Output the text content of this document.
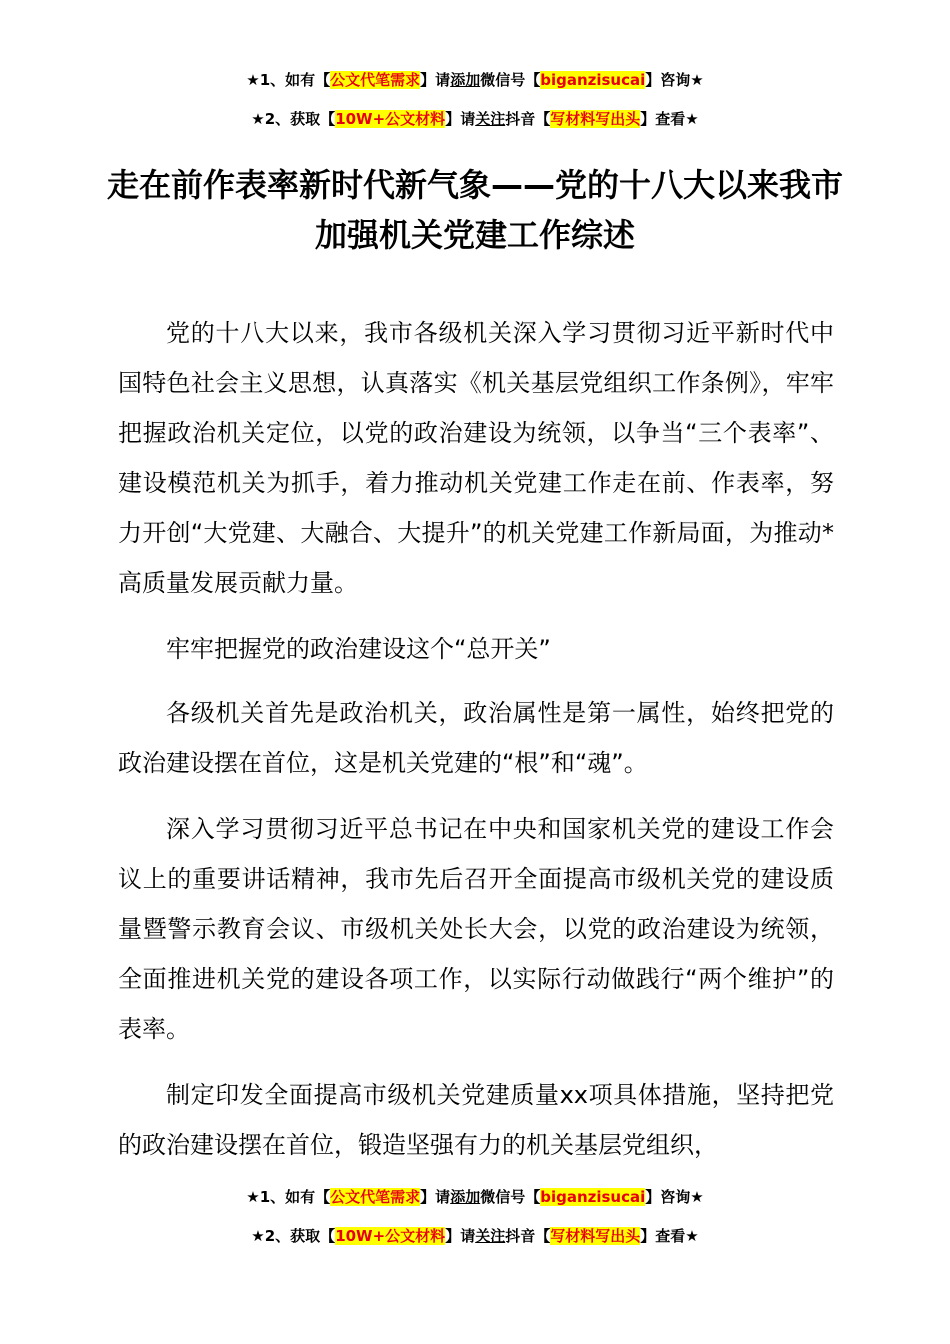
★1、如有【公文代笔需求】请添加微信号【biganzisucai】咨询★
★2、获取【10W+公文材料】请关注抖音【写材料写出头】查看★
走在前作表率新时代新气象——党的十八大以来我市加强机关党建工作综述

党的十八大以来，我市各级机关深入学习贯彻习近平新时代中国特色社会主义思想，认真落实《机关基层党组织工作条例》，牢牢把握政治机关定位，以党的政治建设为统领，以争当“三个表率”、建设模范机关为抓手，着力推动机关党建工作走在前、作表率，努力开创“大党建、大融合、大提升”的机关党建工作新局面，为推动*高质量发展贡献力量。

牢牢把握党的政治建设这个“总开关”

各级机关首先是政治机关，政治属性是第一属性，始终把党的政治建设摆在首位，这是机关党建的“根”和“魂”。

深入学习贯彻习近平总书记在中央和国家机关党的建设工作会议上的重要讲话精神，我市先后召开全面提高市级机关党的建设质量暨警示教育会议、市级机关处长大会，以党的政治建设为统领，全面推进机关党的建设各项工作，以实际行动做践行“两个维护”的表率。

制定印发全面提高市级机关党建质量xx项具体措施，坚持把党的政治建设摆在首位，锻造坚强有力的机关基层党组织，

★1、如有【公文代笔需求】请添加微信号【biganzisucai】咨询★
★2、获取【10W+公文材料】请关注抖音【写材料写出头】查看★
